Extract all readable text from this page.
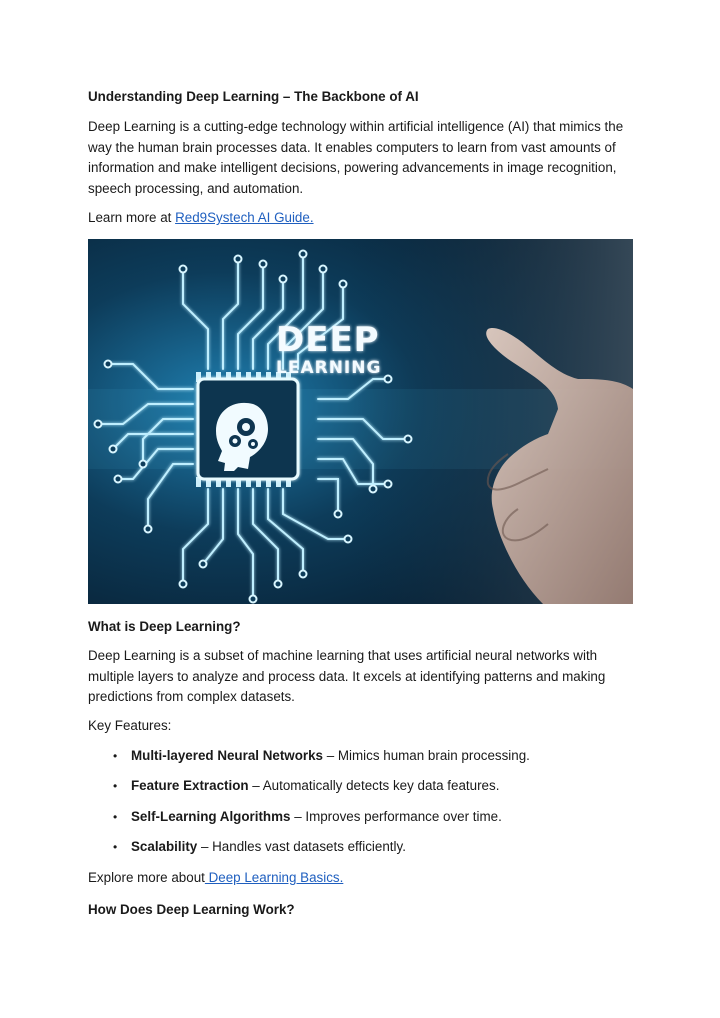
Understanding Deep Learning – The Backbone of AI

Deep Learning is a cutting-edge technology within artificial intelligence (AI) that mimics the way the human brain processes data. It enables computers to learn from vast amounts of information and make intelligent decisions, powering advancements in image recognition, speech processing, and automation.

Learn more at Red9Systech AI Guide.

DEEP
LEARNING

What is Deep Learning?

Deep Learning is a subset of machine learning that uses artificial neural networks with multiple layers to analyze and process data. It excels at identifying patterns and making predictions from complex datasets.

Key Features:

• Multi-layered Neural Networks – Mimics human brain processing.
• Feature Extraction – Automatically detects key data features.
• Self-Learning Algorithms – Improves performance over time.
• Scalability – Handles vast datasets efficiently.

Explore more about Deep Learning Basics.

How Does Deep Learning Work?
